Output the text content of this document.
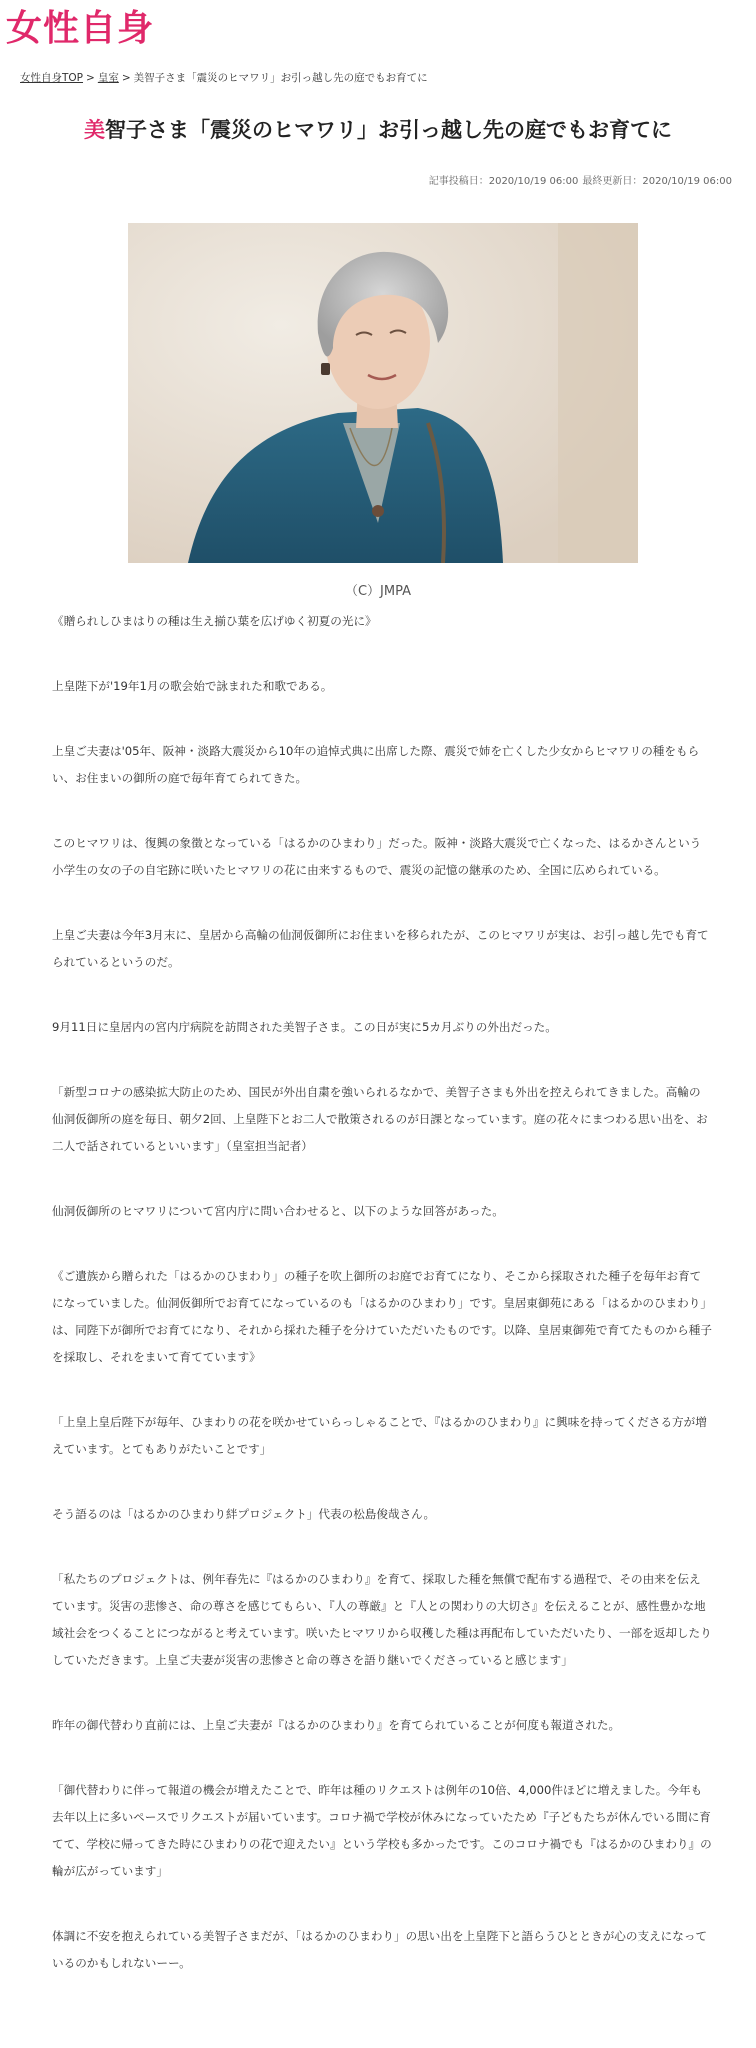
女性自身
女性自身TOP > 皇室 > 美智子さま「震災のヒマワリ」お引っ越し先の庭でもお育てに
美智子さま「震災のヒマワリ」お引っ越し先の庭でもお育てに
記事投稿日：2020/10/19 06:00 最終更新日：2020/10/19 06:00
（C）JMPA

《贈られしひまはりの種は生え揃ひ葉を広げゆく初夏の光に》

上皇陛下が'19年1月の歌会始で詠まれた和歌である。

上皇ご夫妻は'05年、阪神・淡路大震災から10年の追悼式典に出席した際、震災で姉を亡くした少女からヒマワリの種をもらい、お住まいの御所の庭で毎年育てられてきた。

このヒマワリは、復興の象徴となっている「はるかのひまわり」だった。阪神・淡路大震災で亡くなった、はるかさんという小学生の女の子の自宅跡に咲いたヒマワリの花に由来するもので、震災の記憶の継承のため、全国に広められている。

上皇ご夫妻は今年3月末に、皇居から高輪の仙洞仮御所にお住まいを移られたが、このヒマワリが実は、お引っ越し先でも育てられているというのだ。

9月11日に皇居内の宮内庁病院を訪問された美智子さま。この日が実に5カ月ぶりの外出だった。

「新型コロナの感染拡大防止のため、国民が外出自粛を強いられるなかで、美智子さまも外出を控えられてきました。高輪の仙洞仮御所の庭を毎日、朝夕2回、上皇陛下とお二人で散策されるのが日課となっています。庭の花々にまつわる思い出を、お二人で話されているといいます」（皇室担当記者）

仙洞仮御所のヒマワリについて宮内庁に問い合わせると、以下のような回答があった。

《ご遺族から贈られた「はるかのひまわり」の種子を吹上御所のお庭でお育てになり、そこから採取された種子を毎年お育てになっていました。仙洞仮御所でお育てになっているのも「はるかのひまわり」です。皇居東御苑にある「はるかのひまわり」は、同陛下が御所でお育てになり、それから採れた種子を分けていただいたものです。以降、皇居東御苑で育てたものから種子を採取し、それをまいて育てています》

「上皇上皇后陛下が毎年、ひまわりの花を咲かせていらっしゃることで、『はるかのひまわり』に興味を持ってくださる方が増えています。とてもありがたいことです」

そう語るのは「はるかのひまわり絆プロジェクト」代表の松島俊哉さん。

「私たちのプロジェクトは、例年春先に『はるかのひまわり』を育て、採取した種を無償で配布する過程で、その由来を伝えています。災害の悲惨さ、命の尊さを感じてもらい、『人の尊厳』と『人との関わりの大切さ』を伝えることが、感性豊かな地域社会をつくることにつながると考えています。咲いたヒマワリから収穫した種は再配布していただいたり、一部を返却したりしていただきます。上皇ご夫妻が災害の悲惨さと命の尊さを語り継いでくださっていると感じます」

昨年の御代替わり直前には、上皇ご夫妻が『はるかのひまわり』を育てられていることが何度も報道された。

「御代替わりに伴って報道の機会が増えたことで、昨年は種のリクエストは例年の10倍、4,000件ほどに増えました。今年も去年以上に多いペースでリクエストが届いています。コロナ禍で学校が休みになっていたため『子どもたちが休んでいる間に育てて、学校に帰ってきた時にひまわりの花で迎えたい』という学校も多かったです。このコロナ禍でも『はるかのひまわり』の輪が広がっています」

体調に不安を抱えられている美智子さまだが、「はるかのひまわり」の思い出を上皇陛下と語らうひとときが心の支えになっているのかもしれないーー。
